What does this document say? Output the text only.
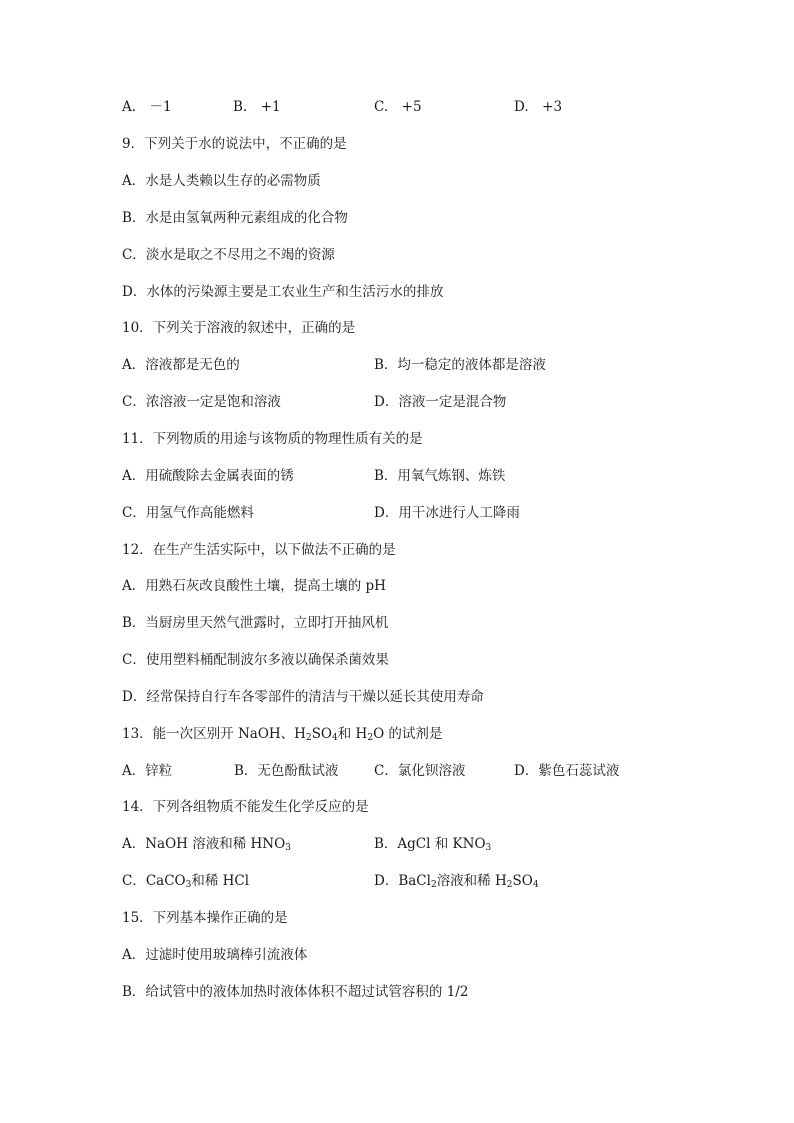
A.　－1	B.　+1	C.　+5	D.　+3
9．下列关于水的说法中，不正确的是
A．水是人类赖以生存的必需物质
B．水是由氢氧两种元素组成的化合物
C．淡水是取之不尽用之不竭的资源
D．水体的污染源主要是工农业生产和生活污水的排放
10．下列关于溶液的叙述中，正确的是
A．溶液都是无色的	B．均一稳定的液体都是溶液
C．浓溶液一定是饱和溶液	D．溶液一定是混合物
11．下列物质的用途与该物质的物理性质有关的是
A．用硫酸除去金属表面的锈	B．用氧气炼钢、炼铁
C．用氢气作高能燃料	D．用干冰进行人工降雨
12．在生产生活实际中，以下做法不正确的是
A．用熟石灰改良酸性土壤，提高土壤的 pH
B．当厨房里天然气泄露时，立即打开抽风机
C．使用塑料桶配制波尔多液以确保杀菌效果
D．经常保持自行车各零部件的清洁与干燥以延长其使用寿命
13．能一次区别开 NaOH、$H_2SO_4$和 $H_2O$ 的试剂是
A．锌粒	B．无色酚酞试液	C．氯化钡溶液	D．紫色石蕊试液
14．下列各组物质不能发生化学反应的是
A．NaOH 溶液和稀 $HNO_3$	B．AgCl 和 $KNO_3$
C．CaCO$_3$和稀 HCl	D．BaCl$_2$溶液和稀 $H_2SO_4$
15．下列基本操作正确的是
A．过滤时使用玻璃棒引流液体
B．给试管中的液体加热时液体体积不超过试管容积的 1/2
